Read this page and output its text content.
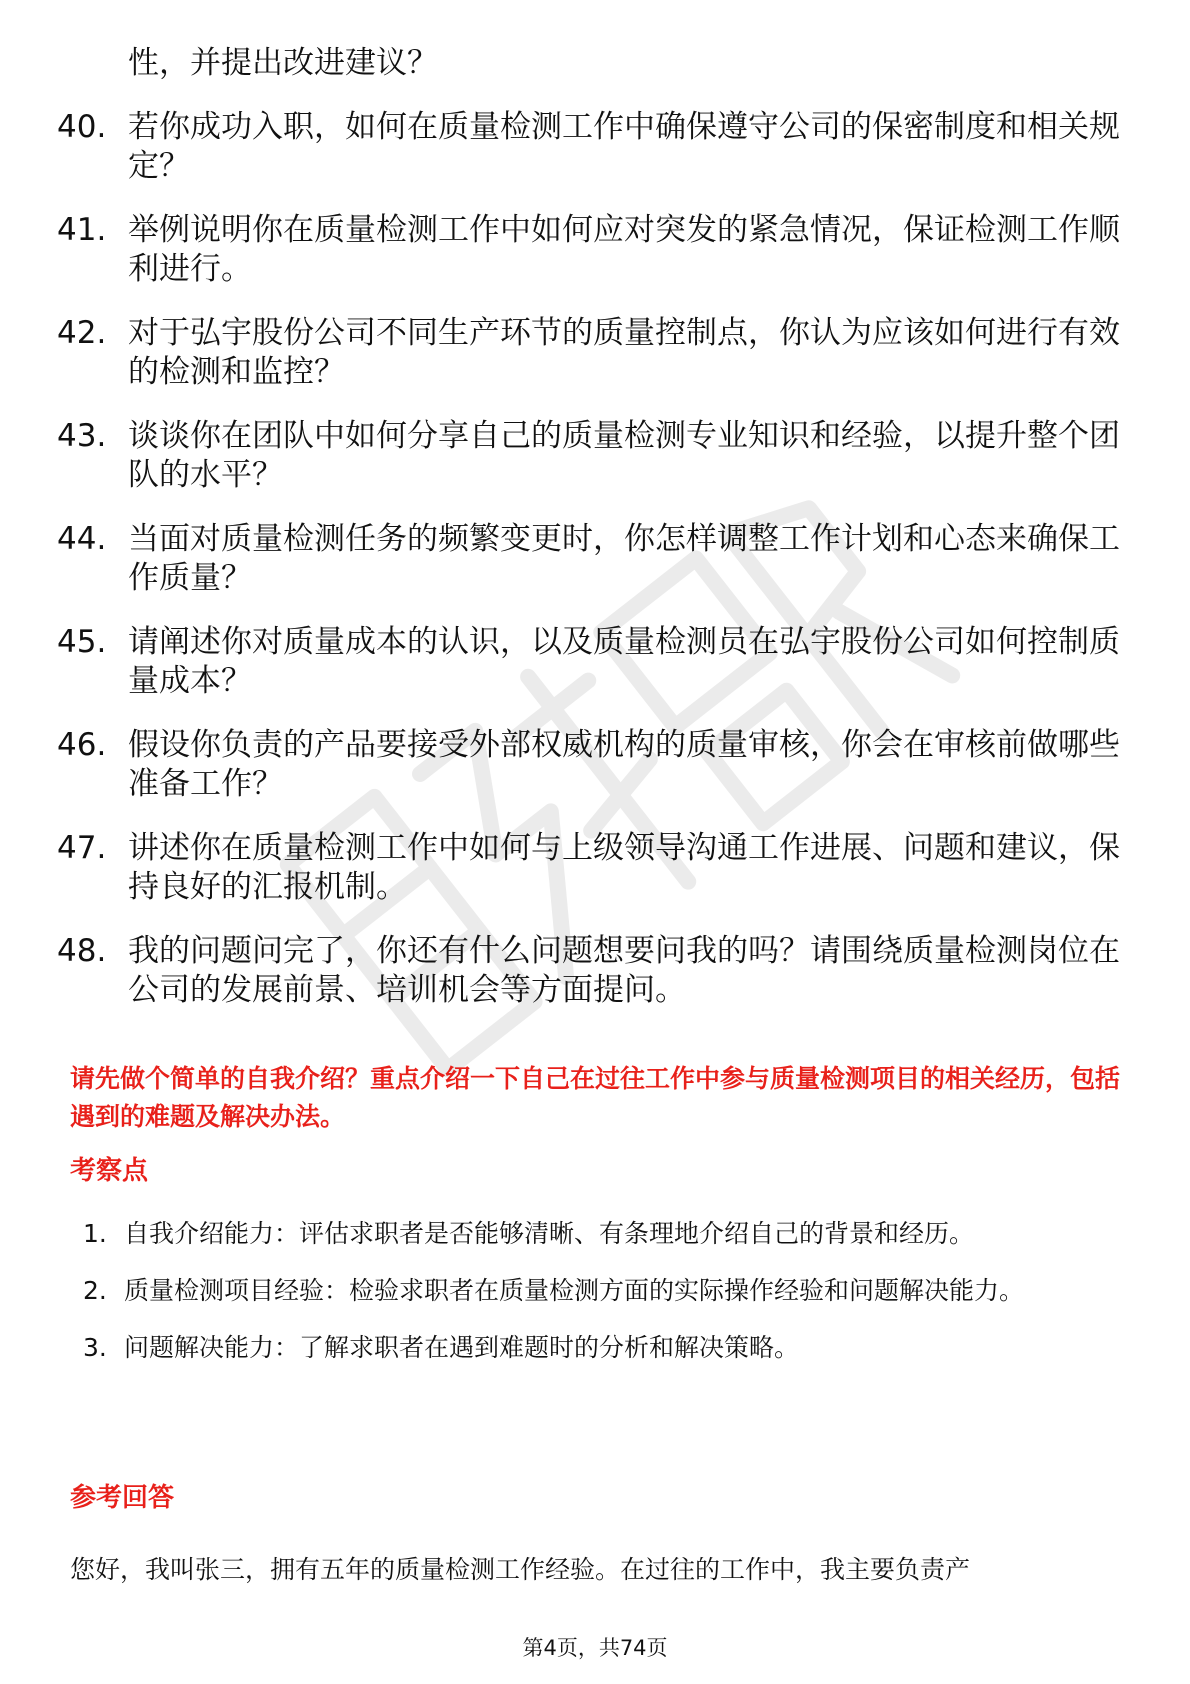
性，并提出改进建议？
40. 若你成功入职，如何在质量检测工作中确保遵守公司的保密制度和相关规定？
41. 举例说明你在质量检测工作中如何应对突发的紧急情况，保证检测工作顺利进行。
42. 对于弘宇股份公司不同生产环节的质量控制点，你认为应该如何进行有效的检测和监控？
43. 谈谈你在团队中如何分享自己的质量检测专业知识和经验，以提升整个团队的水平？
44. 当面对质量检测任务的频繁变更时，你怎样调整工作计划和心态来确保工作质量？
45. 请阐述你对质量成本的认识，以及质量检测员在弘宇股份公司如何控制质量成本？
46. 假设你负责的产品要接受外部权威机构的质量审核，你会在审核前做哪些准备工作？
47. 讲述你在质量检测工作中如何与上级领导沟通工作进展、问题和建议，保持良好的汇报机制。
48. 我的问题问完了，你还有什么问题想要问我的吗？请围绕质量检测岗位在公司的发展前景、培训机会等方面提问。
请先做个简单的自我介绍？重点介绍一下自己在过往工作中参与质量检测项目的相关经历，包括遇到的难题及解决办法。
考察点
1. 自我介绍能力：评估求职者是否能够清晰、有条理地介绍自己的背景和经历。
2. 质量检测项目经验：检验求职者在质量检测方面的实际操作经验和问题解决能力。
3. 问题解决能力：了解求职者在遇到难题时的分析和解决策略。
参考回答
您好，我叫张三，拥有五年的质量检测工作经验。在过往的工作中，我主要负责产
第4页，共74页
